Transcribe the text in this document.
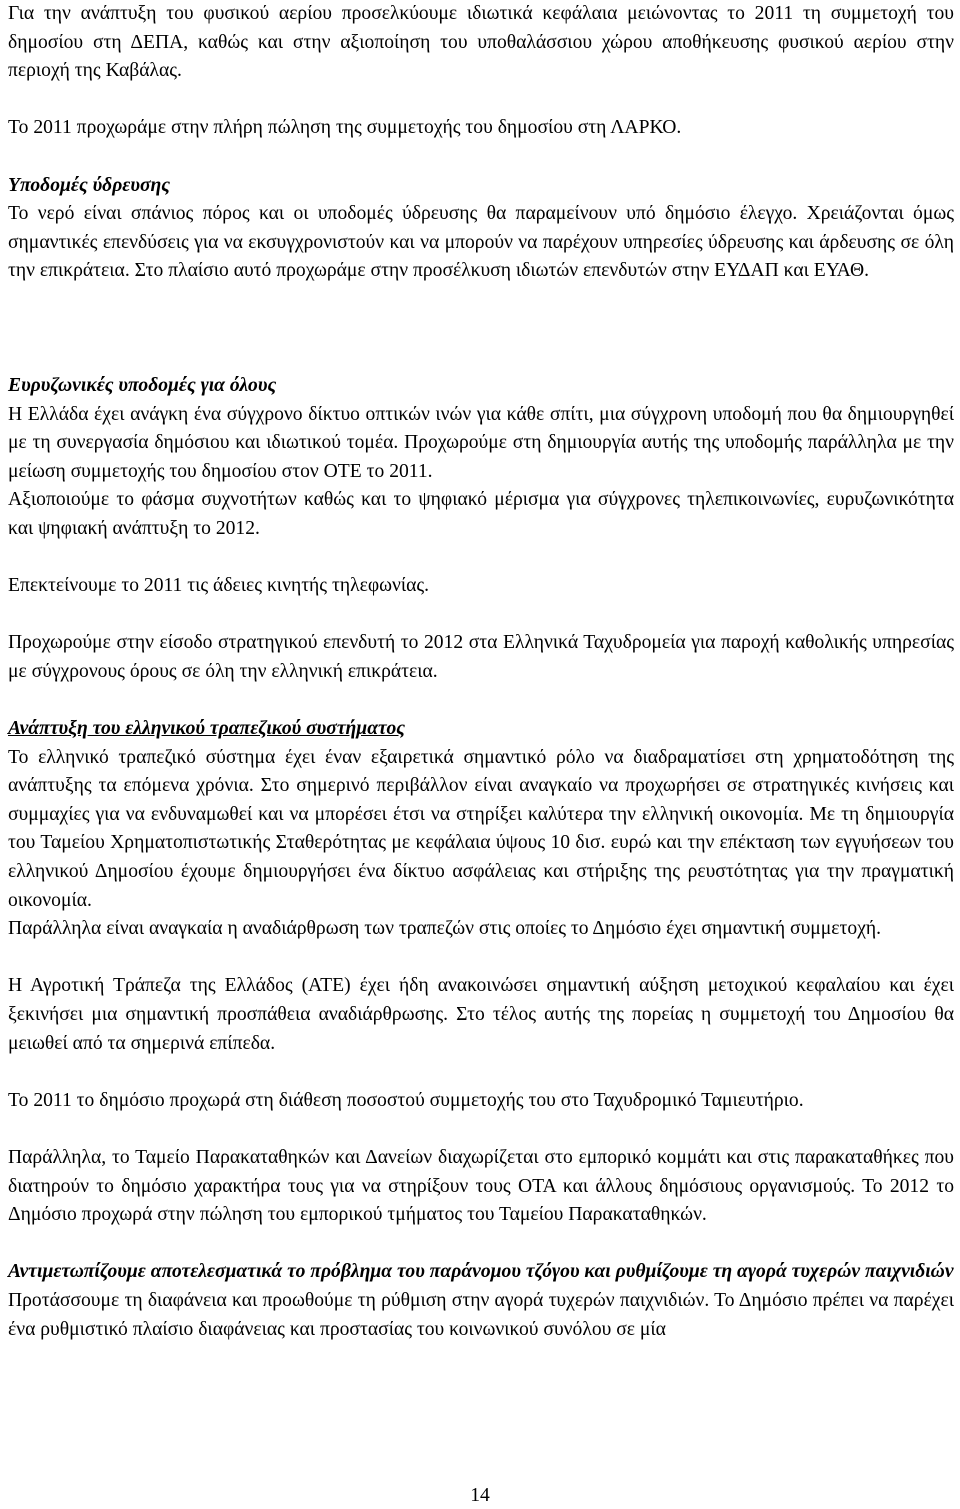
Για την ανάπτυξη του φυσικού αερίου προσελκύουμε ιδιωτικά κεφάλαια μειώνοντας το 2011 τη συμμετοχή του δημοσίου στη ΔΕΠΑ, καθώς και στην αξιοποίηση του υποθαλάσσιου χώρου αποθήκευσης φυσικού αερίου στην περιοχή της Καβάλας.

Το 2011 προχωράμε στην πλήρη πώληση της συμμετοχής του δημοσίου στη ΛΑΡΚΟ.

Υποδομές ύδρευσης

Το νερό είναι σπάνιος πόρος και οι υποδομές ύδρευσης θα παραμείνουν υπό δημόσιο έλεγχο. Χρειάζονται όμως σημαντικές επενδύσεις για να εκσυγχρονιστούν και να μπορούν να παρέχουν υπηρεσίες ύδρευσης και άρδευσης σε όλη την επικράτεια. Στο πλαίσιο αυτό προχωράμε στην προσέλκυση ιδιωτών επενδυτών στην ΕΥΔΑΠ και ΕΥΑΘ.

Ευρυζωνικές υποδομές για όλους

Η Ελλάδα έχει ανάγκη ένα σύγχρονο δίκτυο οπτικών ινών για κάθε σπίτι, μια σύγχρονη υποδομή που θα δημιουργηθεί με τη συνεργασία δημόσιου και ιδιωτικού τομέα. Προχωρούμε στη δημιουργία αυτής της υποδομής παράλληλα με την μείωση συμμετοχής του δημοσίου στον ΟΤΕ το 2011.

Αξιοποιούμε το φάσμα συχνοτήτων καθώς και το ψηφιακό μέρισμα για σύγχρονες τηλεπικοινωνίες, ευρυζωνικότητα και ψηφιακή ανάπτυξη το 2012.

Επεκτείνουμε το 2011 τις άδειες κινητής τηλεφωνίας.

Προχωρούμε στην είσοδο στρατηγικού επενδυτή το 2012 στα Ελληνικά Ταχυδρομεία για παροχή καθολικής υπηρεσίας με σύγχρονους όρους σε όλη την ελληνική επικράτεια.

Ανάπτυξη του ελληνικού τραπεζικού συστήματος

Το ελληνικό τραπεζικό σύστημα έχει έναν εξαιρετικά σημαντικό ρόλο να διαδραματίσει στη χρηματοδότηση της ανάπτυξης τα επόμενα χρόνια. Στο σημερινό περιβάλλον είναι αναγκαίο να προχωρήσει σε στρατηγικές κινήσεις και συμμαχίες για να ενδυναμωθεί και να μπορέσει έτσι να στηρίξει καλύτερα την ελληνική οικονομία. Με τη δημιουργία του Ταμείου Χρηματοπιστωτικής Σταθερότητας με κεφάλαια ύψους 10 δισ. ευρώ και την επέκταση των εγγυήσεων του ελληνικού Δημοσίου έχουμε δημιουργήσει ένα δίκτυο ασφάλειας και στήριξης της ρευστότητας για την πραγματική οικονομία.

Παράλληλα είναι αναγκαία η αναδιάρθρωση των τραπεζών στις οποίες το Δημόσιο έχει σημαντική συμμετοχή.

Η Αγροτική Τράπεζα της Ελλάδος (ΑΤΕ) έχει ήδη ανακοινώσει σημαντική αύξηση μετοχικού κεφαλαίου και έχει ξεκινήσει μια σημαντική προσπάθεια αναδιάρθρωσης. Στο τέλος αυτής της πορείας η συμμετοχή του Δημοσίου θα μειωθεί από τα σημερινά επίπεδα.

Το 2011 το δημόσιο προχωρά στη διάθεση ποσοστού συμμετοχής του στο Ταχυδρομικό Ταμιευτήριο.

Παράλληλα, το Ταμείο Παρακαταθηκών και Δανείων διαχωρίζεται στο εμπορικό κομμάτι και στις παρακαταθήκες που διατηρούν το δημόσιο χαρακτήρα τους για να στηρίξουν τους ΟΤΑ και άλλους δημόσιους οργανισμούς. Το 2012 το Δημόσιο προχωρά στην πώληση του εμπορικού τμήματος του Ταμείου Παρακαταθηκών.

Αντιμετωπίζουμε αποτελεσματικά το πρόβλημα του παράνομου τζόγου και ρυθμίζουμε τη αγορά τυχερών παιχνιδιών

Προτάσσουμε τη διαφάνεια και προωθούμε τη ρύθμιση στην αγορά τυχερών παιχνιδιών. Το Δημόσιο πρέπει να παρέχει ένα ρυθμιστικό πλαίσιο διαφάνειας και προστασίας του κοινωνικού συνόλου σε μία

14
